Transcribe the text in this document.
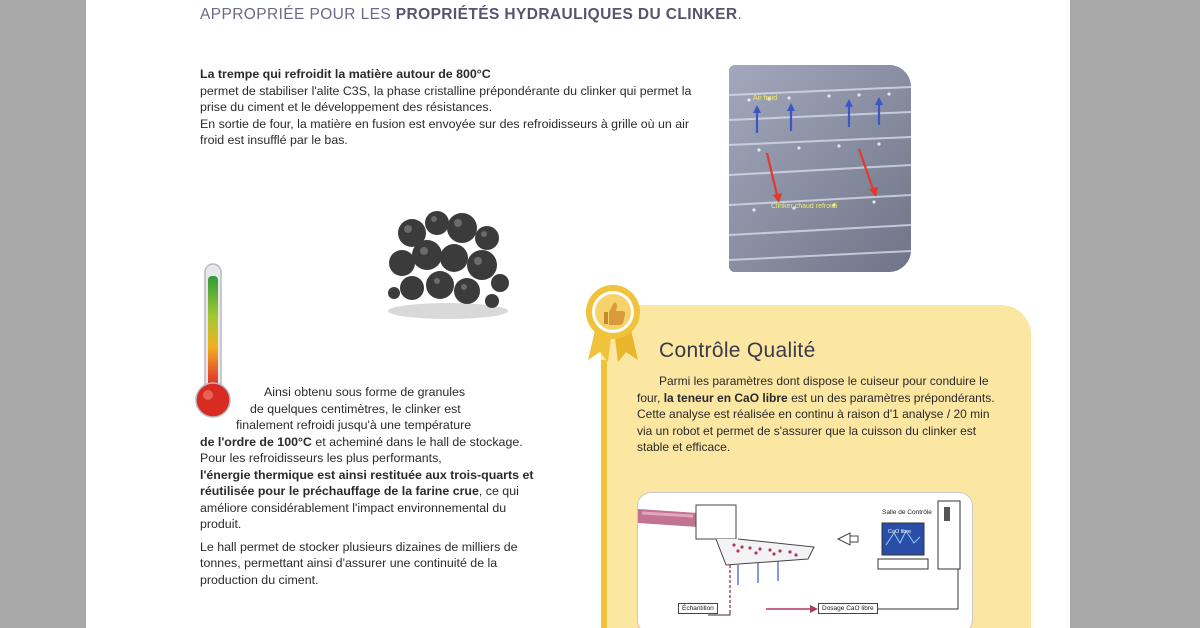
APPROPRIÉE POUR LES PROPRIÉTÉS HYDRAULIQUES DU CLINKER.
La trempe qui refroidit la matière autour de 800°C
permet de stabiliser l'alite C3S, la phase cristalline prépondérante du clinker qui permet la prise du ciment et le développement des résistances.
En sortie de four, la matière en fusion est envoyée sur des refroidisseurs à grille où un air froid est insufflé par le bas.
Air froid
Clinker chaud refroidi

Ainsi obtenu sous forme de granules
de quelques centimètres, le clinker est
finalement refroidi jusqu'à une température
de l'ordre de 100°C et acheminé dans le hall de stockage.
Pour les refroidisseurs les plus performants,
l'énergie thermique est ainsi restituée aux trois-quarts et réutilisée pour le préchauffage de la farine crue, ce qui améliore considérablement l'impact environnemental du produit.

Le hall permet de stocker plusieurs dizaines de milliers de tonnes, permettant ainsi d'assurer une continuité de la production du ciment.

Contrôle Qualité
Parmi les paramètres dont dispose le cuiseur pour conduire le four, la teneur en CaO libre est un des paramètres prépondérants. Cette analyse est réalisée en continu à raison d'1 analyse / 20 min via un robot et permet de s'assurer que la cuisson du clinker est stable et efficace.
Échantillon	Dosage CaO libre
Salle de Contrôle
CaO libre
